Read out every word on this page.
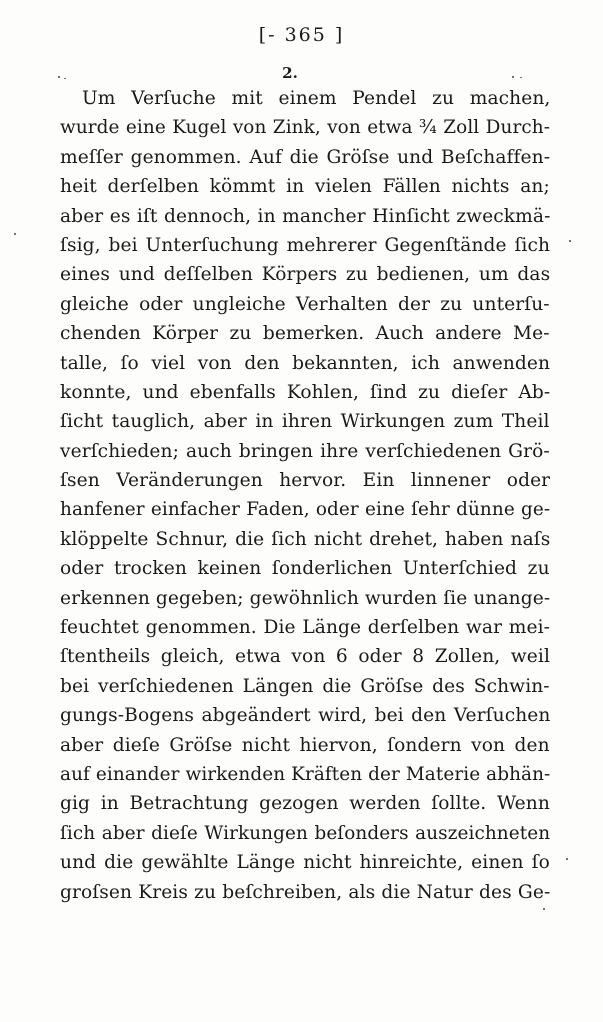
[- 365 ]
2.
Um Verſuche mit einem Pendel zu machen,
wurde eine Kugel von Zink, von etwa ¾ Zoll Durch-
meſſer genommen. Auf die Gröſse und Beſchaffen-
heit derſelben kömmt in vielen Fällen nichts an;
aber es iſt dennoch, in mancher Hinſicht zweckmä-
ſsig, bei Unterſuchung mehrerer Gegenſtände ſich
eines und deſſelben Körpers zu bedienen, um das
gleiche oder ungleiche Verhalten der zu unterſu-
chenden Körper zu bemerken. Auch andere Me-
talle, ſo viel von den bekannten, ich anwenden
konnte, und ebenfalls Kohlen, ſind zu dieſer Ab-
ſicht tauglich, aber in ihren Wirkungen zum Theil
verſchieden; auch bringen ihre verſchiedenen Grö-
ſsen Veränderungen hervor. Ein linnener oder
hanfener einfacher Faden, oder eine ſehr dünne ge-
klöppelte Schnur, die ſich nicht drehet, haben naſs
oder trocken keinen ſonderlichen Unterſchied zu
erkennen gegeben; gewöhnlich wurden ſie unange-
feuchtet genommen. Die Länge derſelben war mei-
ſtentheils gleich, etwa von 6 oder 8 Zollen, weil
bei verſchiedenen Längen die Gröſse des Schwin-
gungs-Bogens abgeändert wird, bei den Verſuchen
aber dieſe Gröſse nicht hiervon, ſondern von den
auf einander wirkenden Kräften der Materie abhän-
gig in Betrachtung gezogen werden ſollte. Wenn
ſich aber dieſe Wirkungen beſonders auszeichneten
und die gewählte Länge nicht hinreichte, einen ſo
groſsen Kreis zu beſchreiben, als die Natur des Ge-
